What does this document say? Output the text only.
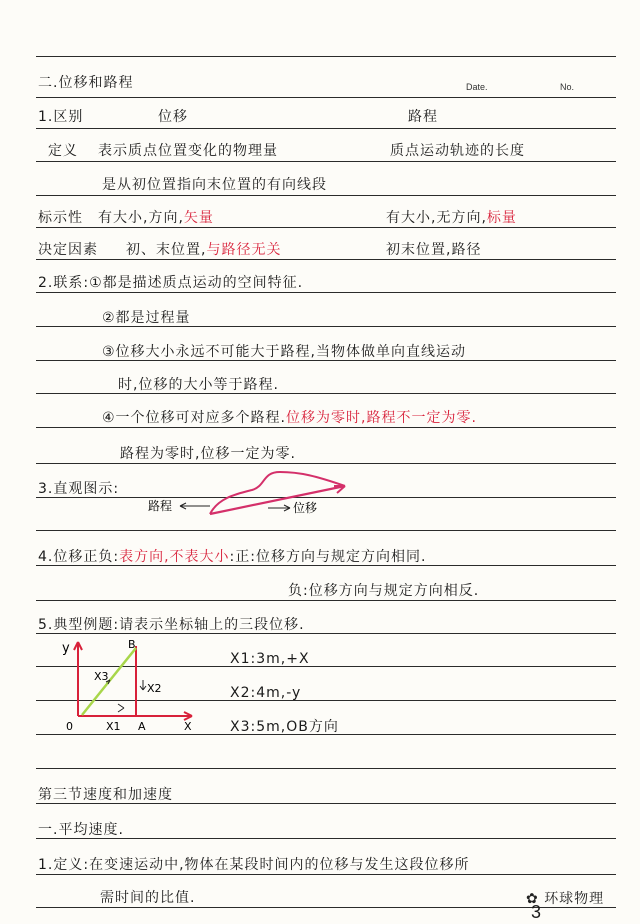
二.位移和路程	Date.	No.
1.区别	位移	路程
定义 表示质点位置变化的物理量	质点运动轨迹的长度
是从初位置指向末位置的有向线段
标示性 有大小,方向,矢量	有大小,无方向,标量
决定因素 初、末位置,与路径无关	初末位置,路径
2.联系:①都是描述质点运动的空间特征.
②都是过程量
③位移大小永远不可能大于路程,当物体做单向直线运动
时,位移的大小等于路程.
④一个位移可对应多个路程.位移为零时,路程不一定为零.
路程为零时,位移一定为零.
3.直观图示:
路程	位移
4.位移正负:表方向,不表大小:正:位移方向与规定方向相同.
负:位移方向与规定方向相反.
5.典型例题:请表示坐标轴上的三段位移.
y	B
X3
X2
0	X1 A	X
X1:3m,+X
X2:4m,-y
X3:5m,OB方向
第三节速度和加速度
一.平均速度.
1.定义:在变速运动中,物体在某段时间内的位移与发生这段位移所
需时间的比值.	✿ 环球物理
3
